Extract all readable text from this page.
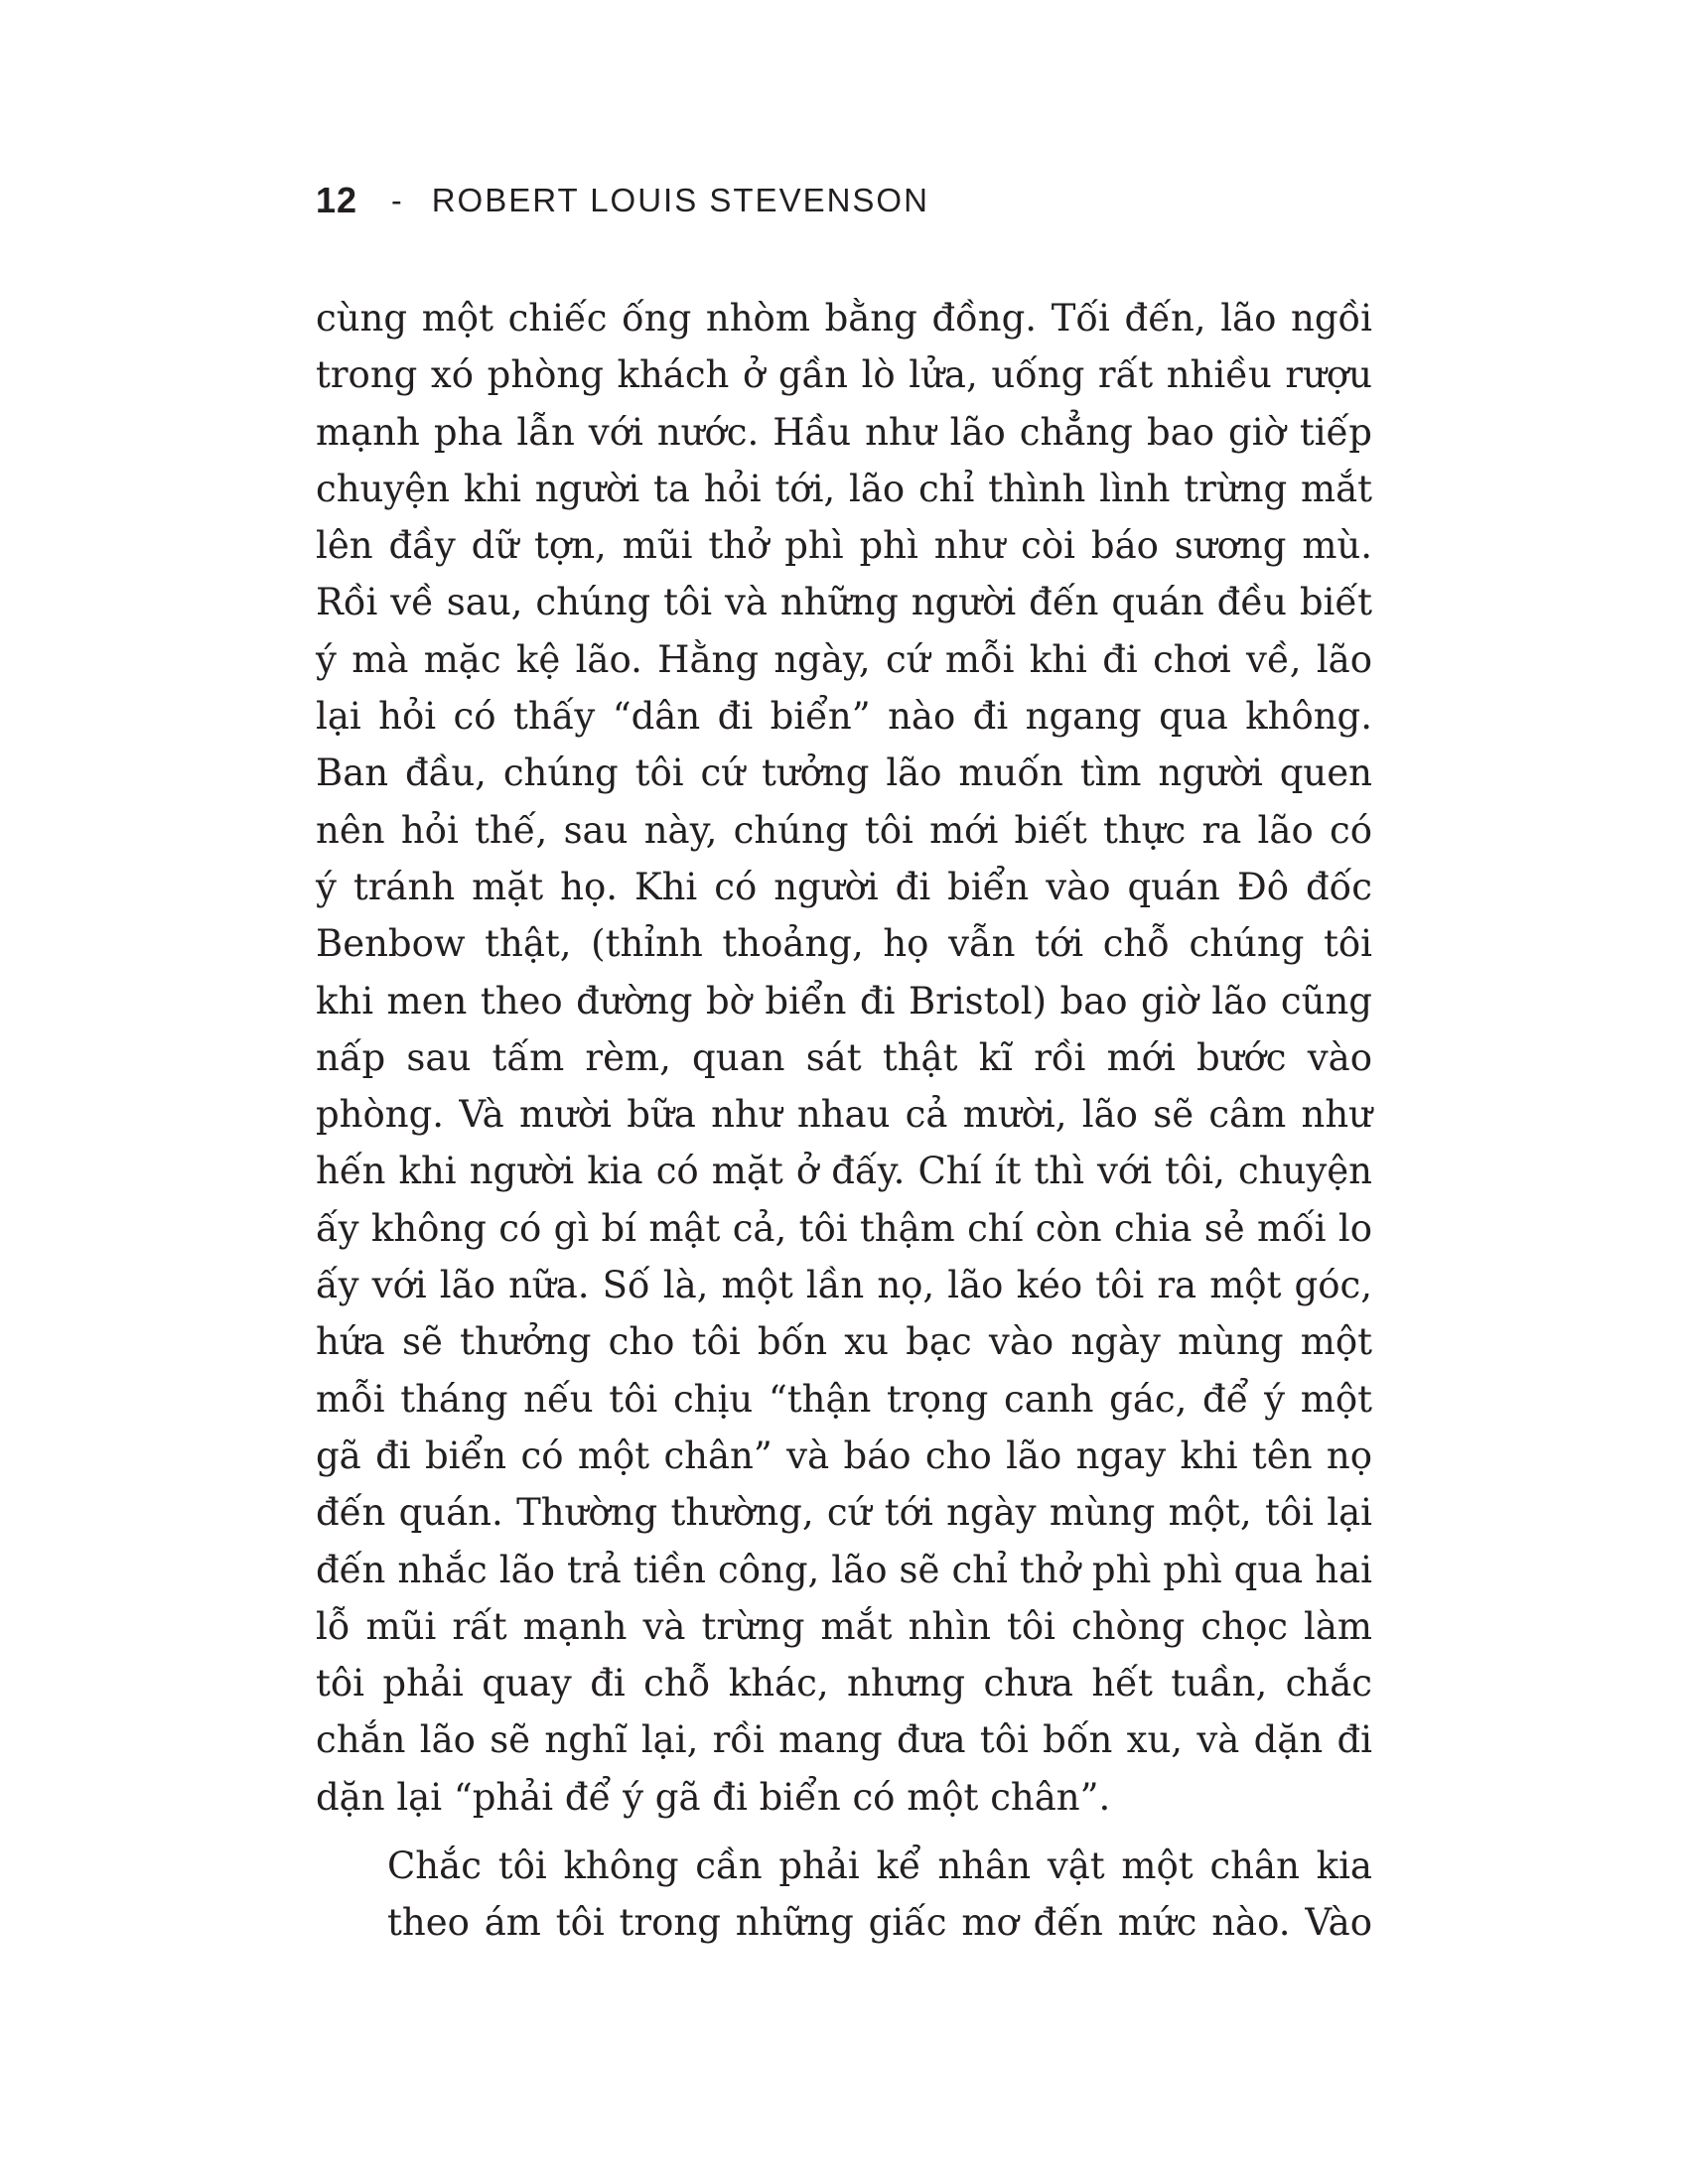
12 - ROBERT LOUIS STEVENSON

cùng một chiếc ống nhòm bằng đồng. Tối đến, lão ngồi
trong xó phòng khách ở gần lò lửa, uống rất nhiều rượu
mạnh pha lẫn với nước. Hầu như lão chẳng bao giờ tiếp
chuyện khi người ta hỏi tới, lão chỉ thình lình trừng mắt
lên đầy dữ tợn, mũi thở phì phì như còi báo sương mù.
Rồi về sau, chúng tôi và những người đến quán đều biết
ý mà mặc kệ lão. Hằng ngày, cứ mỗi khi đi chơi về, lão
lại hỏi có thấy “dân đi biển” nào đi ngang qua không.
Ban đầu, chúng tôi cứ tưởng lão muốn tìm người quen
nên hỏi thế, sau này, chúng tôi mới biết thực ra lão có
ý tránh mặt họ. Khi có người đi biển vào quán Đô đốc
Benbow thật, (thỉnh thoảng, họ vẫn tới chỗ chúng tôi
khi men theo đường bờ biển đi Bristol) bao giờ lão cũng
nấp sau tấm rèm, quan sát thật kĩ rồi mới bước vào
phòng. Và mười bữa như nhau cả mười, lão sẽ câm như
hến khi người kia có mặt ở đấy. Chí ít thì với tôi, chuyện
ấy không có gì bí mật cả, tôi thậm chí còn chia sẻ mối lo
ấy với lão nữa. Số là, một lần nọ, lão kéo tôi ra một góc,
hứa sẽ thưởng cho tôi bốn xu bạc vào ngày mùng một
mỗi tháng nếu tôi chịu “thận trọng canh gác, để ý một
gã đi biển có một chân” và báo cho lão ngay khi tên nọ
đến quán. Thường thường, cứ tới ngày mùng một, tôi lại
đến nhắc lão trả tiền công, lão sẽ chỉ thở phì phì qua hai
lỗ mũi rất mạnh và trừng mắt nhìn tôi chòng chọc làm
tôi phải quay đi chỗ khác, nhưng chưa hết tuần, chắc
chắn lão sẽ nghĩ lại, rồi mang đưa tôi bốn xu, và dặn đi
dặn lại “phải để ý gã đi biển có một chân”.

Chắc tôi không cần phải kể nhân vật một chân kia
theo ám tôi trong những giấc mơ đến mức nào. Vào
